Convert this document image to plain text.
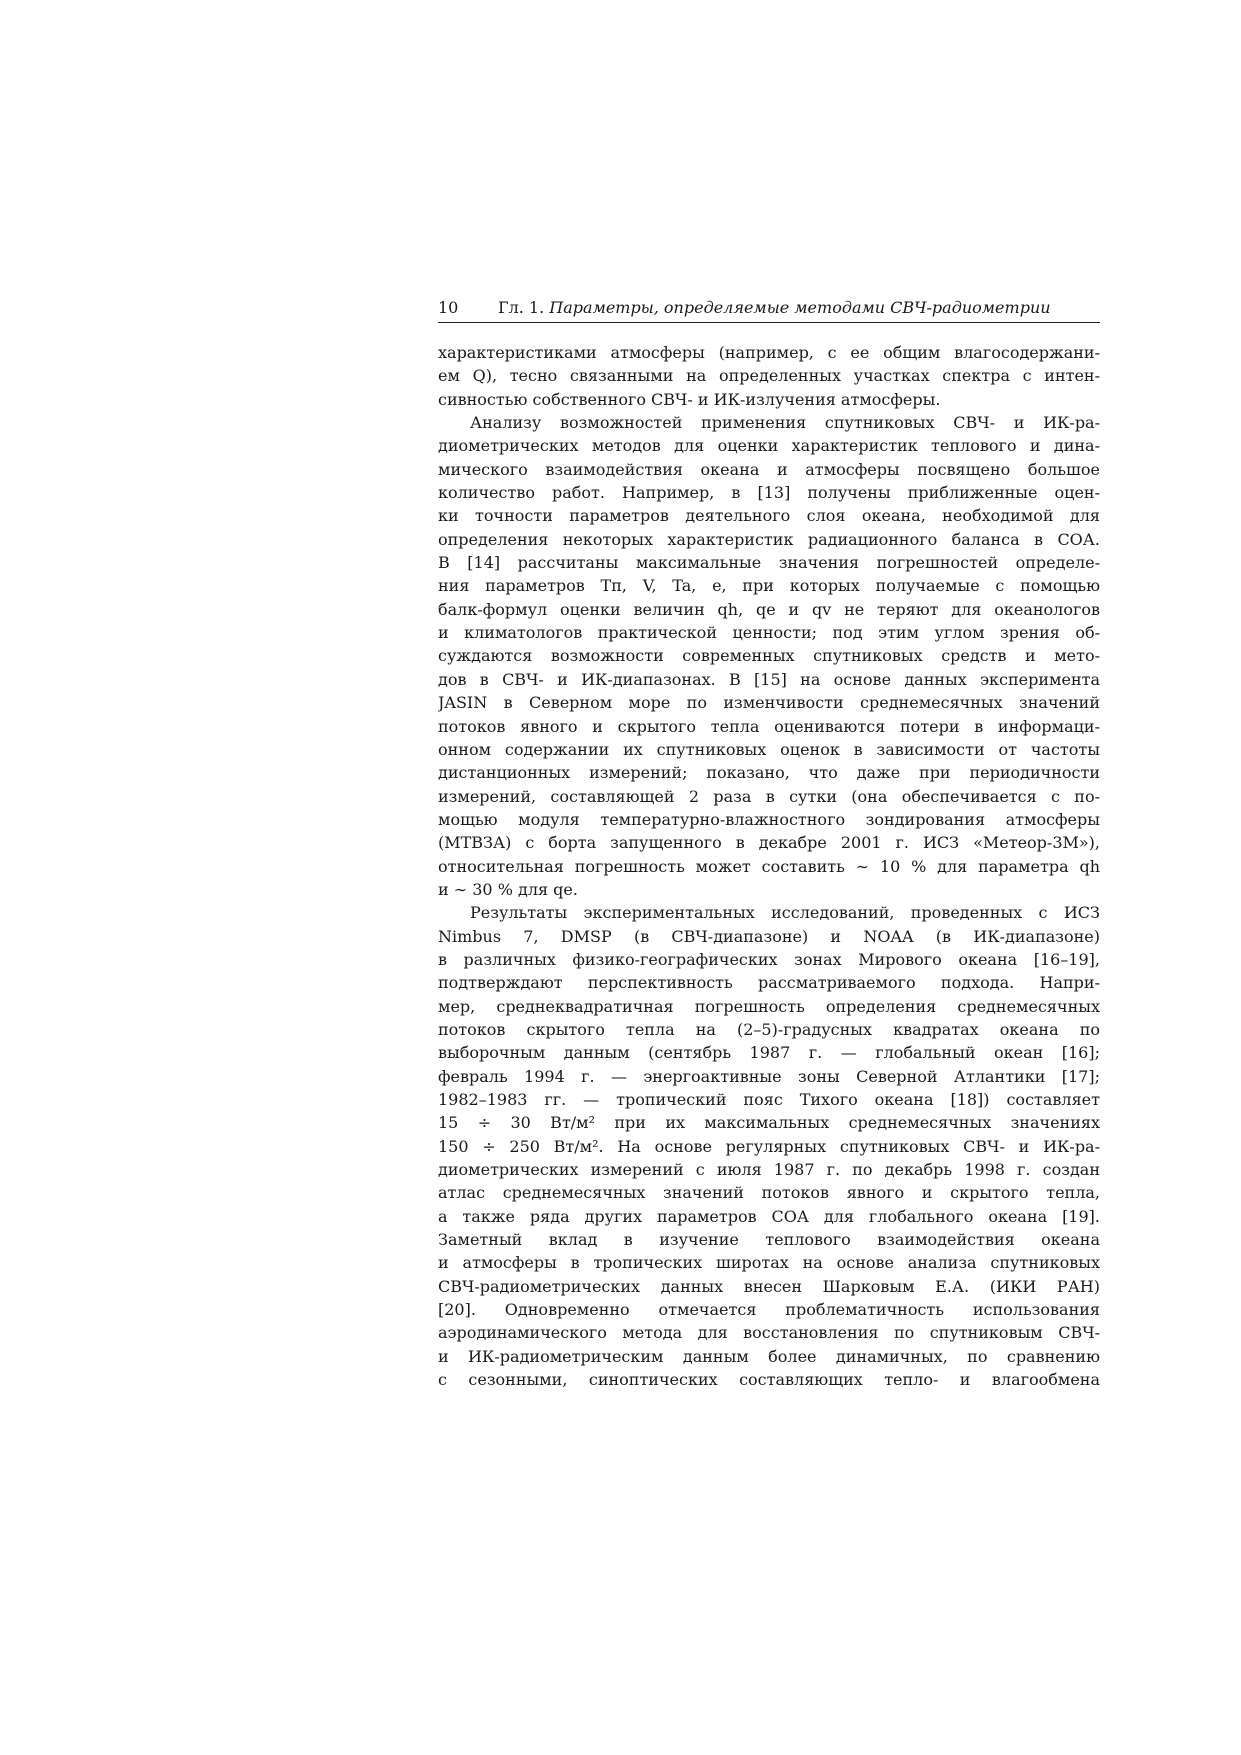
10 Гл. 1. Параметры, определяемые методами СВЧ-радиометрии
характеристиками атмосферы (например, с ее общим влагосодержани-
ем Q), тесно связанными на определенных участках спектра с интен-
сивностью собственного СВЧ- и ИК-излучения атмосферы.
Анализу возможностей применения спутниковых СВЧ- и ИК-ра-
диометрических методов для оценки характеристик теплового и дина-
мического взаимодействия океана и атмосферы посвящено большое
количество работ. Например, в [13] получены приближенные оцен-
ки точности параметров деятельного слоя океана, необходимой для
определения некоторых характеристик радиационного баланса в СОА.
В [14] рассчитаны максимальные значения погрешностей определе-
ния параметров Tп, V, Ta, e, при которых получаемые с помощью
балк-формул оценки величин qh, qe и qv не теряют для океанологов
и климатологов практической ценности; под этим углом зрения об-
суждаются возможности современных спутниковых средств и мето-
дов в СВЧ- и ИК-диапазонах. В [15] на основе данных эксперимента
JASIN в Северном море по изменчивости среднемесячных значений
потоков явного и скрытого тепла оцениваются потери в информаци-
онном содержании их спутниковых оценок в зависимости от частоты
дистанционных измерений; показано, что даже при периодичности
измерений, составляющей 2 раза в сутки (она обеспечивается с по-
мощью модуля температурно-влажностного зондирования атмосферы
(МТВЗА) с борта запущенного в декабре 2001 г. ИСЗ «Метеор-3М»),
относительная погрешность может составить ∼ 10 % для параметра qh
и ∼ 30 % для qe.
Результаты экспериментальных исследований, проведенных с ИСЗ
Nimbus 7, DMSP (в СВЧ-диапазоне) и NOAA (в ИК-диапазоне)
в различных физико-географических зонах Мирового океана [16–19],
подтверждают перспективность рассматриваемого подхода. Напри-
мер, среднеквадратичная погрешность определения среднемесячных
потоков скрытого тепла на (2–5)-градусных квадратах океана по
выборочным данным (сентябрь 1987 г. — глобальный океан [16];
февраль 1994 г. — энергоактивные зоны Северной Атлантики [17];
1982–1983 гг. — тропический пояс Тихого океана [18]) составляет
15 ÷ 30 Вт/м² при их максимальных среднемесячных значениях
150 ÷ 250 Вт/м². На основе регулярных спутниковых СВЧ- и ИК-ра-
диометрических измерений с июля 1987 г. по декабрь 1998 г. создан
атлас среднемесячных значений потоков явного и скрытого тепла,
а также ряда других параметров СОА для глобального океана [19].
Заметный вклад в изучение теплового взаимодействия океана
и атмосферы в тропических широтах на основе анализа спутниковых
СВЧ-радиометрических данных внесен Шарковым Е.А. (ИКИ РАН)
[20]. Одновременно отмечается проблематичность использования
аэродинамического метода для восстановления по спутниковым СВЧ-
и ИК-радиометрическим данным более динамичных, по сравнению
с сезонными, синоптических составляющих тепло- и влагообмена
